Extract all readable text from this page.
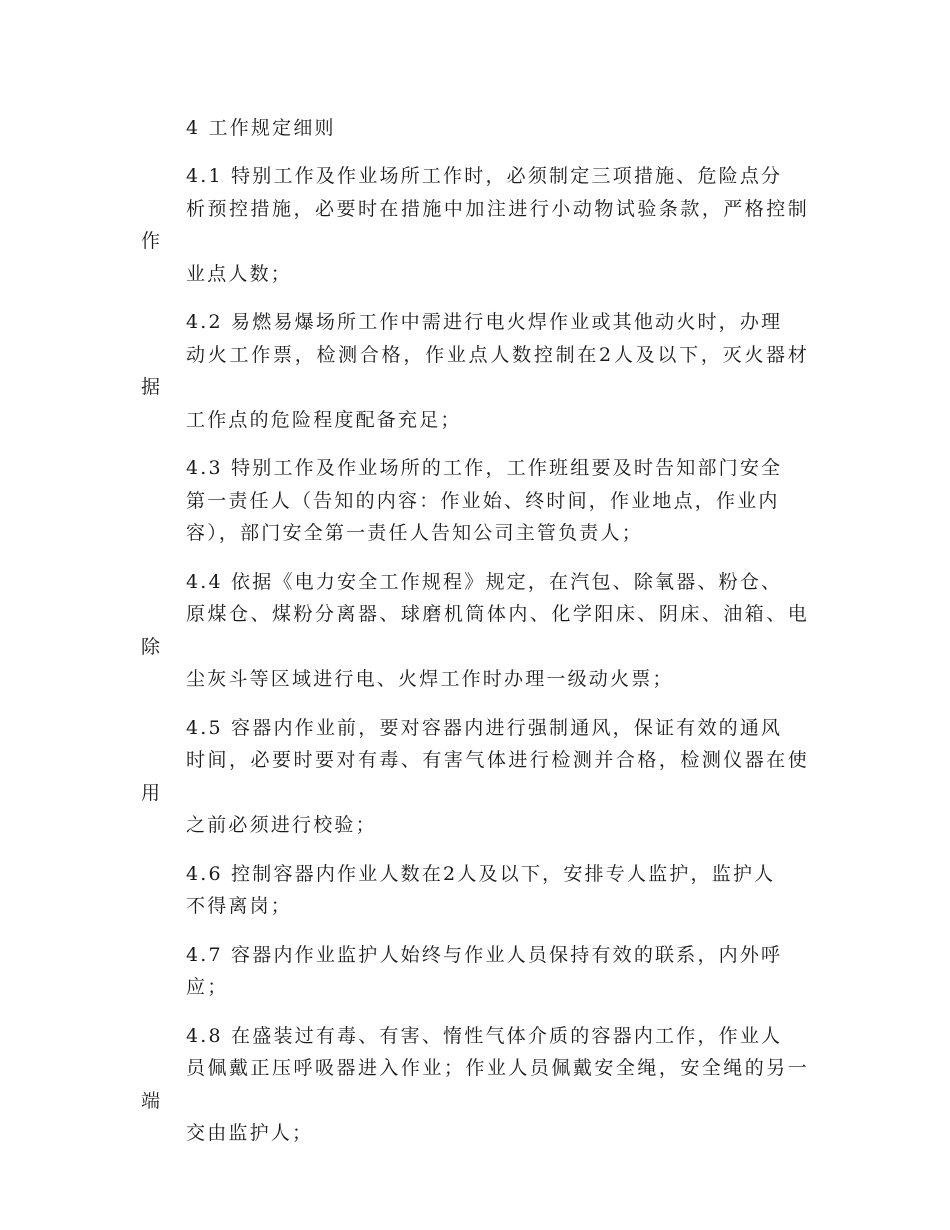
4 工作规定细则

4.1 特别工作及作业场所工作时，必须制定三项措施、危险点分
析预控措施，必要时在措施中加注进行小动物试验条款，严格控制作
业点人数；

4.2 易燃易爆场所工作中需进行电火焊作业或其他动火时，办理
动火工作票，检测合格，作业点人数控制在2人及以下，灭火器材据
工作点的危险程度配备充足；

4.3 特别工作及作业场所的工作，工作班组要及时告知部门安全
第一责任人（告知的内容：作业始、终时间，作业地点，作业内
容），部门安全第一责任人告知公司主管负责人；

4.4 依据《电力安全工作规程》规定，在汽包、除氧器、粉仓、
原煤仓、煤粉分离器、球磨机筒体内、化学阳床、阴床、油箱、电除
尘灰斗等区域进行电、火焊工作时办理一级动火票；

4.5 容器内作业前，要对容器内进行强制通风，保证有效的通风
时间，必要时要对有毒、有害气体进行检测并合格，检测仪器在使用
之前必须进行校验；

4.6 控制容器内作业人数在2人及以下，安排专人监护，监护人
不得离岗；

4.7 容器内作业监护人始终与作业人员保持有效的联系，内外呼
应；

4.8 在盛装过有毒、有害、惰性气体介质的容器内工作，作业人
员佩戴正压呼吸器进入作业；作业人员佩戴安全绳，安全绳的另一端
交由监护人；
